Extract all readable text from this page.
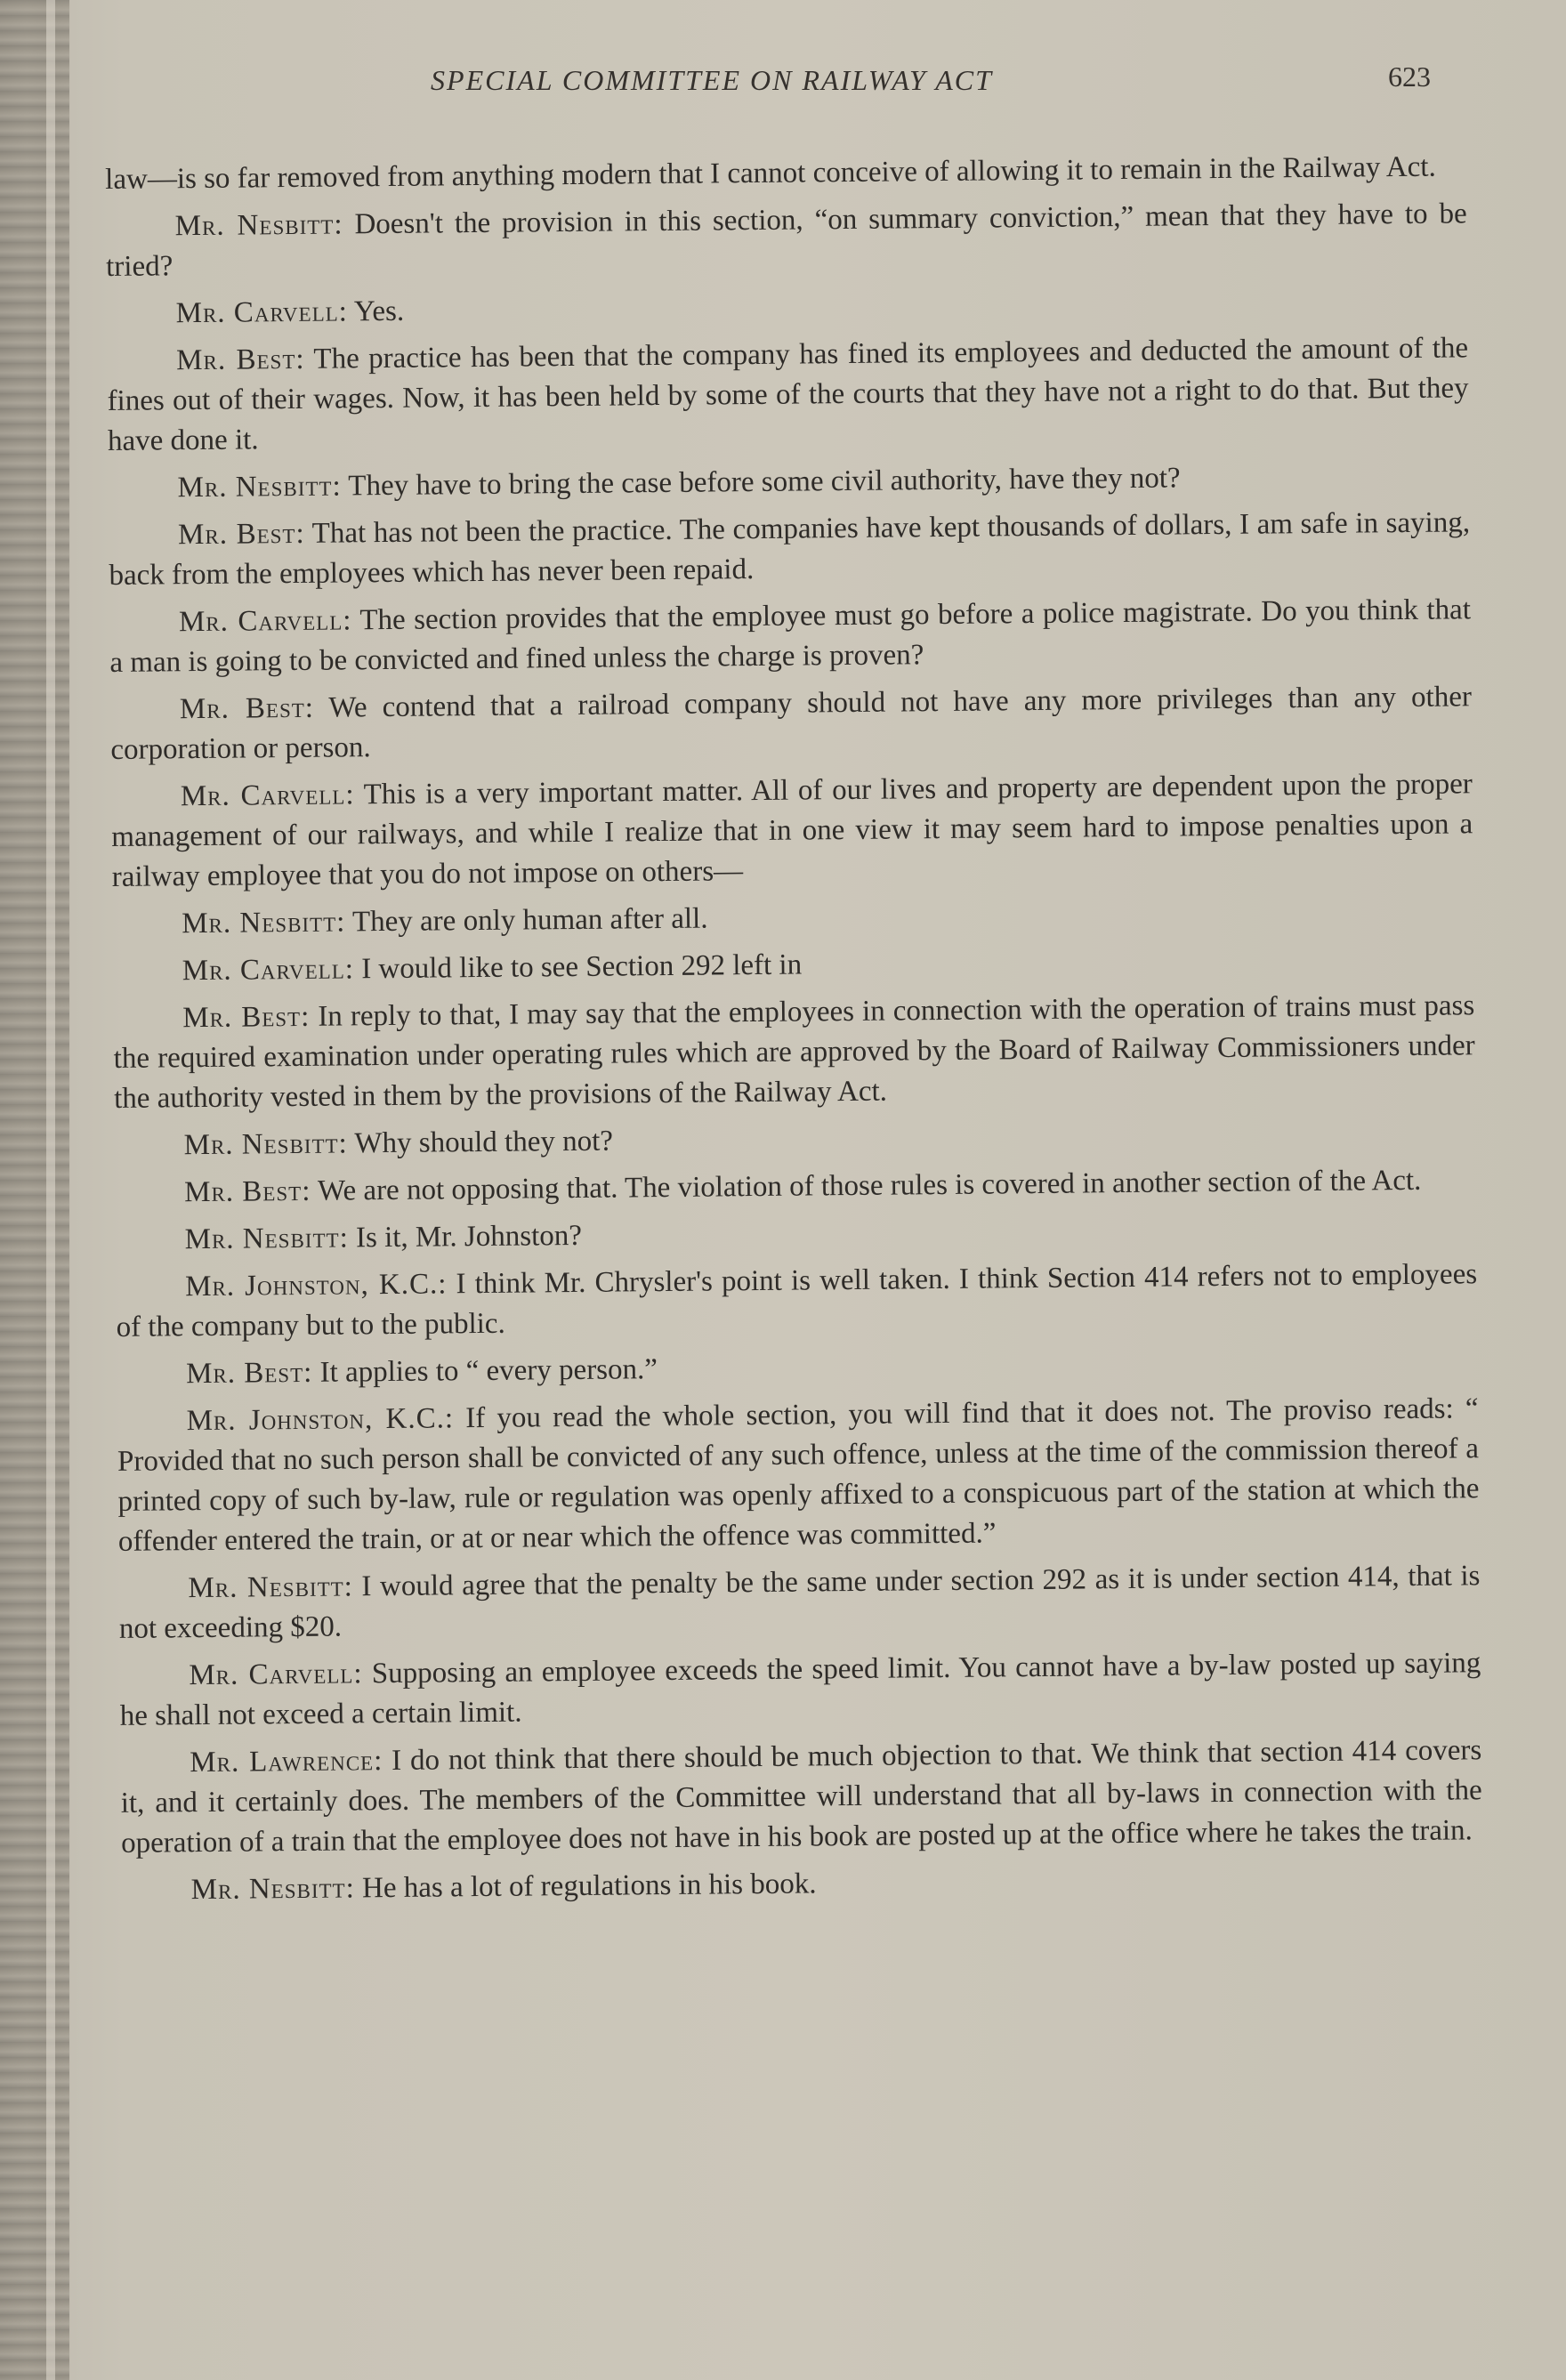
SPECIAL COMMITTEE ON RAILWAY ACT	623

law—is so far removed from anything modern that I cannot conceive of allowing it to remain in the Railway Act.

Mr. Nesbitt: Doesn't the provision in this section, “on summary conviction,” mean that they have to be tried?

Mr. Carvell: Yes.

Mr. Best: The practice has been that the company has fined its employees and deducted the amount of the fines out of their wages. Now, it has been held by some of the courts that they have not a right to do that. But they have done it.

Mr. Nesbitt: They have to bring the case before some civil authority, have they not?

Mr. Best: That has not been the practice. The companies have kept thousands of dollars, I am safe in saying, back from the employees which has never been repaid.

Mr. Carvell: The section provides that the employee must go before a police magistrate. Do you think that a man is going to be convicted and fined unless the charge is proven?

Mr. Best: We contend that a railroad company should not have any more privileges than any other corporation or person.

Mr. Carvell: This is a very important matter. All of our lives and property are dependent upon the proper management of our railways, and while I realize that in one view it may seem hard to impose penalties upon a railway employee that you do not impose on others—

Mr. Nesbitt: They are only human after all.

Mr. Carvell: I would like to see Section 292 left in

Mr. Best: In reply to that, I may say that the employees in connection with the operation of trains must pass the required examination under operating rules which are approved by the Board of Railway Commissioners under the authority vested in them by the provisions of the Railway Act.

Mr. Nesbitt: Why should they not?

Mr. Best: We are not opposing that. The violation of those rules is covered in another section of the Act.

Mr. Nesbitt: Is it, Mr. Johnston?

Mr. Johnston, K.C.: I think Mr. Chrysler's point is well taken. I think Section 414 refers not to employees of the company but to the public.

Mr. Best: It applies to “ every person.”

Mr. Johnston, K.C.: If you read the whole section, you will find that it does not. The proviso reads: “ Provided that no such person shall be convicted of any such offence, unless at the time of the commission thereof a printed copy of such by-law, rule or regulation was openly affixed to a conspicuous part of the station at which the offender entered the train, or at or near which the offence was committed.”

Mr. Nesbitt: I would agree that the penalty be the same under section 292 as it is under section 414, that is not exceeding $20.

Mr. Carvell: Supposing an employee exceeds the speed limit. You cannot have a by-law posted up saying he shall not exceed a certain limit.

Mr. Lawrence: I do not think that there should be much objection to that. We think that section 414 covers it, and it certainly does. The members of the Committee will understand that all by-laws in connection with the operation of a train that the employee does not have in his book are posted up at the office where he takes the train.

Mr. Nesbitt: He has a lot of regulations in his book.
